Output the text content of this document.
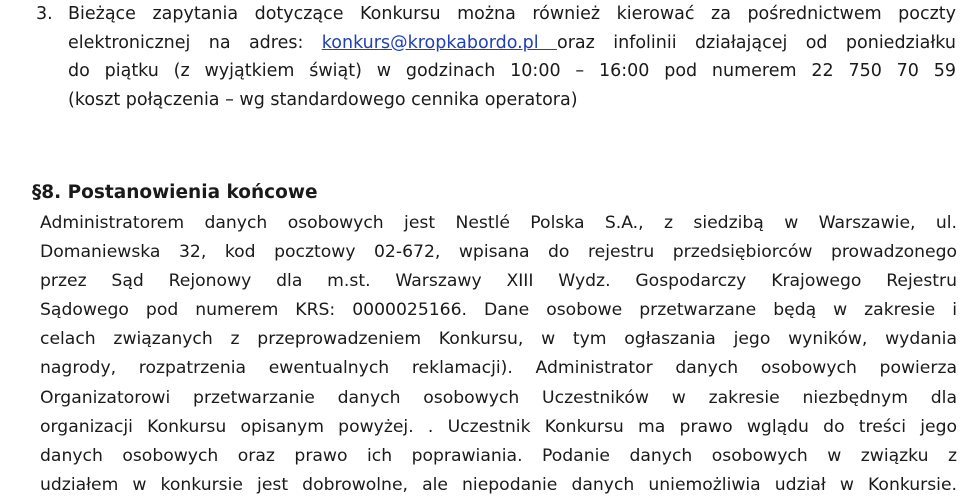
3. Bieżące zapytania dotyczące Konkursu można również kierować za pośrednictwem poczty
elektronicznej na adres: konkurs@kropkabordo.pl oraz infolinii działającej od poniedziałku
do piątku (z wyjątkiem świąt) w godzinach 10:00 – 16:00 pod numerem 22 750 70 59
(koszt połączenia – wg standardowego cennika operatora)
§8. Postanowienia końcowe
Administratorem danych osobowych jest Nestlé Polska S.A., z siedzibą w Warszawie, ul.
Domaniewska 32, kod pocztowy 02-672, wpisana do rejestru przedsiębiorców prowadzonego
przez Sąd Rejonowy dla m.st. Warszawy XIII Wydz. Gospodarczy Krajowego Rejestru
Sądowego pod numerem KRS: 0000025166. Dane osobowe przetwarzane będą w zakresie i
celach związanych z przeprowadzeniem Konkursu, w tym ogłaszania jego wyników, wydania
nagrody, rozpatrzenia ewentualnych reklamacji). Administrator danych osobowych powierza
Organizatorowi przetwarzanie danych osobowych Uczestników w zakresie niezbędnym dla
organizacji Konkursu opisanym powyżej. . Uczestnik Konkursu ma prawo wglądu do treści jego
danych osobowych oraz prawo ich poprawiania. Podanie danych osobowych w związku z
udziałem w konkursie jest dobrowolne, ale niepodanie danych uniemożliwia udział w Konkursie.
